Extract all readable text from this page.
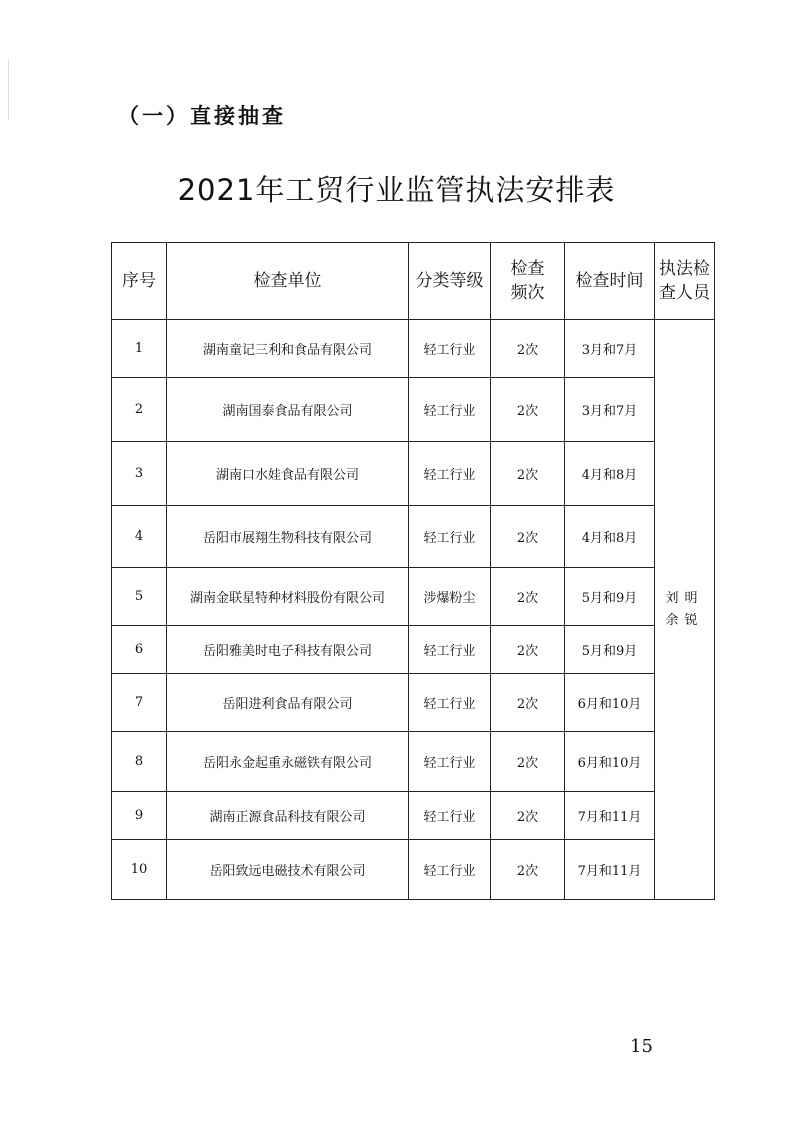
（一）直接抽查
2021年工贸行业监管执法安排表
序号	检查单位	分类等级	检查频次	检查时间	执法检查人员

1	湖南童记三利和食品有限公司	轻工行业	2次	3月和7月	刘明
余锐

2	湖南国泰食品有限公司	轻工行业	2次	3月和7月	
3	湖南口水娃食品有限公司	轻工行业	2次	4月和8月	
4	岳阳市展翔生物科技有限公司	轻工行业	2次	4月和8月	
5	湖南金联星特种材料股份有限公司	涉爆粉尘	2次	5月和9月	
6	岳阳雅美时电子科技有限公司	轻工行业	2次	5月和9月	
7	岳阳进利食品有限公司	轻工行业	2次	6月和10月	
8	岳阳永金起重永磁铁有限公司	轻工行业	2次	6月和10月	
9	湖南正源食品科技有限公司	轻工行业	2次	7月和11月	
10	岳阳致远电磁技术有限公司	轻工行业	2次	7月和11月	
15
